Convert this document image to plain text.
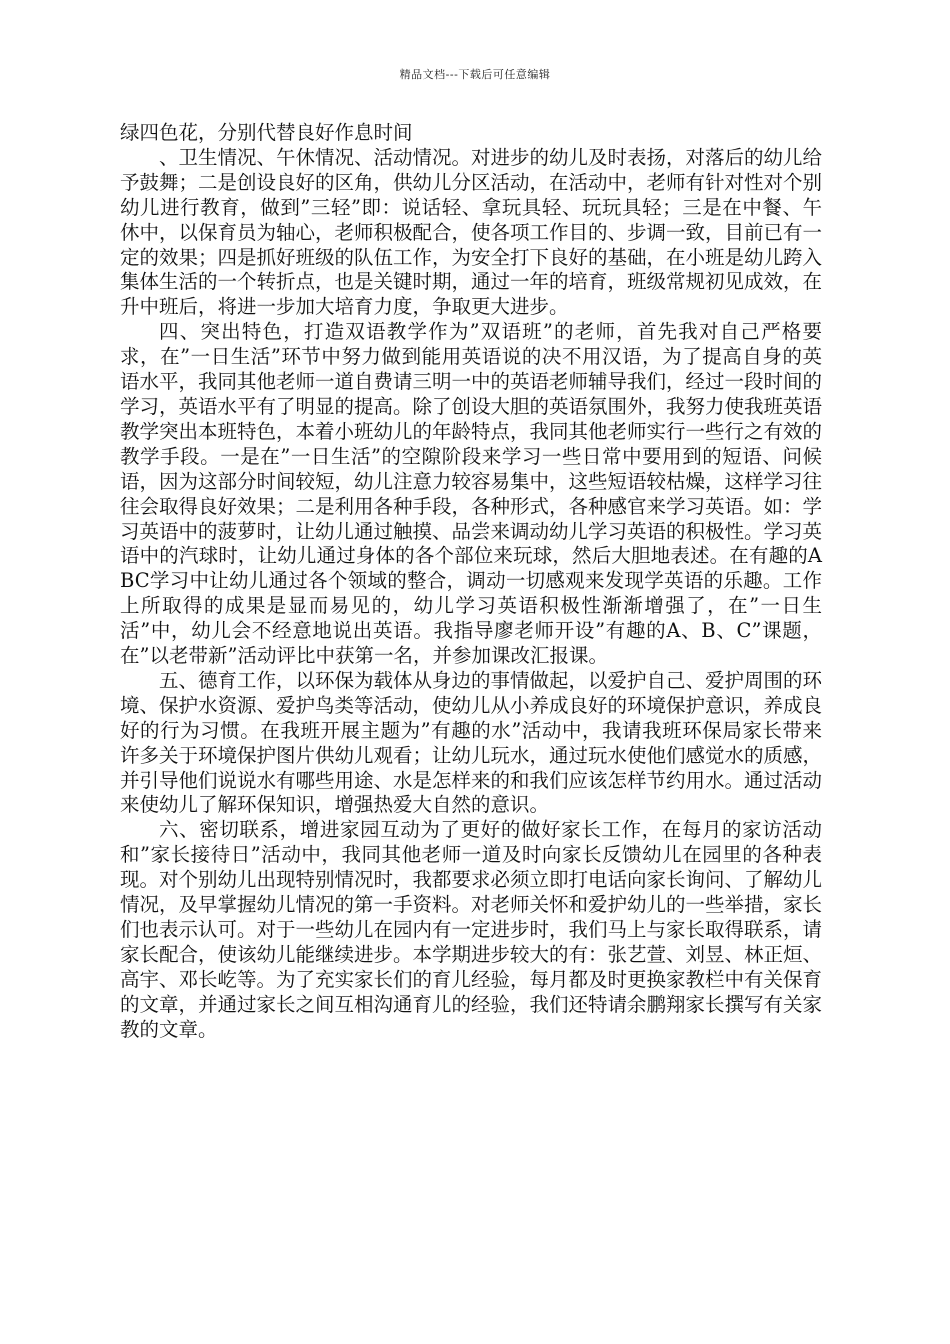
精品文档---下载后可任意编辑

绿四色花，分别代替良好作息时间

、卫生情况、午休情况、活动情况。对进步的幼儿及时表扬，对落后的幼儿给予鼓舞；二是创设良好的区角，供幼儿分区活动，在活动中，老师有针对性对个别幼儿进行教育，做到”三轻”即：说话轻、拿玩具轻、玩玩具轻；三是在中餐、午休中，以保育员为轴心，老师积极配合，使各项工作目的、步调一致，目前已有一定的效果；四是抓好班级的队伍工作，为安全打下良好的基础，在小班是幼儿跨入集体生活的一个转折点，也是关键时期，通过一年的培育，班级常规初见成效，在升中班后，将进一步加大培育力度，争取更大进步。

四、突出特色，打造双语教学作为”双语班”的老师，首先我对自己严格要求，在”一日生活”环节中努力做到能用英语说的决不用汉语，为了提高自身的英语水平，我同其他老师一道自费请三明一中的英语老师辅导我们，经过一段时间的学习，英语水平有了明显的提高。除了创设大胆的英语氛围外，我努力使我班英语教学突出本班特色，本着小班幼儿的年龄特点，我同其他老师实行一些行之有效的教学手段。一是在”一日生活”的空隙阶段来学习一些日常中要用到的短语、问候语，因为这部分时间较短，幼儿注意力较容易集中，这些短语较枯燥，这样学习往往会取得良好效果；二是利用各种手段，各种形式，各种感官来学习英语。如：学习英语中的菠萝时，让幼儿通过触摸、品尝来调动幼儿学习英语的积极性。学习英语中的汽球时，让幼儿通过身体的各个部位来玩球，然后大胆地表述。在有趣的ABC学习中让幼儿通过各个领域的整合，调动一切感观来发现学英语的乐趣。工作上所取得的成果是显而易见的，幼儿学习英语积极性渐渐增强了，在”一日生活”中，幼儿会不经意地说出英语。我指导廖老师开设”有趣的A、B、C”课题，在”以老带新”活动评比中获第一名，并参加课改汇报课。

五、德育工作，以环保为载体从身边的事情做起，以爱护自己、爱护周围的环境、保护水资源、爱护鸟类等活动，使幼儿从小养成良好的环境保护意识，养成良好的行为习惯。在我班开展主题为”有趣的水”活动中，我请我班环保局家长带来许多关于环境保护图片供幼儿观看；让幼儿玩水，通过玩水使他们感觉水的质感，并引导他们说说水有哪些用途、水是怎样来的和我们应该怎样节约用水。通过活动来使幼儿了解环保知识，增强热爱大自然的意识。

六、密切联系，增进家园互动为了更好的做好家长工作，在每月的家访活动和”家长接待日”活动中，我同其他老师一道及时向家长反馈幼儿在园里的各种表现。对个别幼儿出现特别情况时，我都要求必须立即打电话向家长询问、了解幼儿情况，及早掌握幼儿情况的第一手资料。对老师关怀和爱护幼儿的一些举措，家长们也表示认可。对于一些幼儿在园内有一定进步时，我们马上与家长取得联系，请家长配合，使该幼儿能继续进步。本学期进步较大的有：张艺萱、刘昱、林正烜、高宇、邓长屹等。为了充实家长们的育儿经验，每月都及时更换家教栏中有关保育的文章，并通过家长之间互相沟通育儿的经验，我们还特请余鹏翔家长撰写有关家教的文章。
